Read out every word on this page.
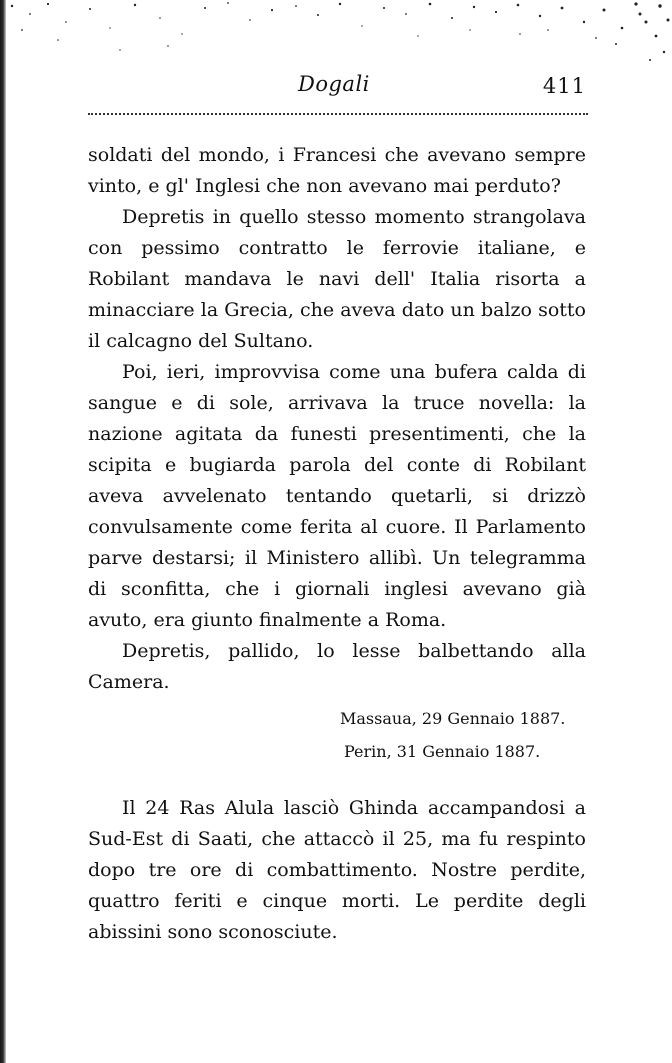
Dogali	411

soldati del mondo, i Francesi che avevano sempre vinto, e gl' Inglesi che non avevano mai perduto?

Depretis in quello stesso momento strangolava con pessimo contratto le ferrovie italiane, e Robilant mandava le navi dell' Italia risorta a minacciare la Grecia, che aveva dato un balzo sotto il calcagno del Sultano.

Poi, ieri, improvvisa come una bufera calda di sangue e di sole, arrivava la truce novella: la nazione agitata da funesti presentimenti, che la scipita e bugiarda parola del conte di Robilant aveva avvelenato tentando quetarli, si drizzò convulsamente come ferita al cuore. Il Parlamento parve destarsi; il Ministero allibì. Un telegramma di sconfitta, che i giornali inglesi avevano già avuto, era giunto finalmente a Roma.

Depretis, pallido, lo lesse balbettando alla Camera.

Massaua, 29 Gennaio 1887.
Perin, 31 Gennaio 1887.

Il 24 Ras Alula lasciò Ghinda accampandosi a Sud-Est di Saati, che attaccò il 25, ma fu respinto dopo tre ore di combattimento. Nostre perdite, quattro feriti e cinque morti. Le perdite degli abissini sono sconosciute.
